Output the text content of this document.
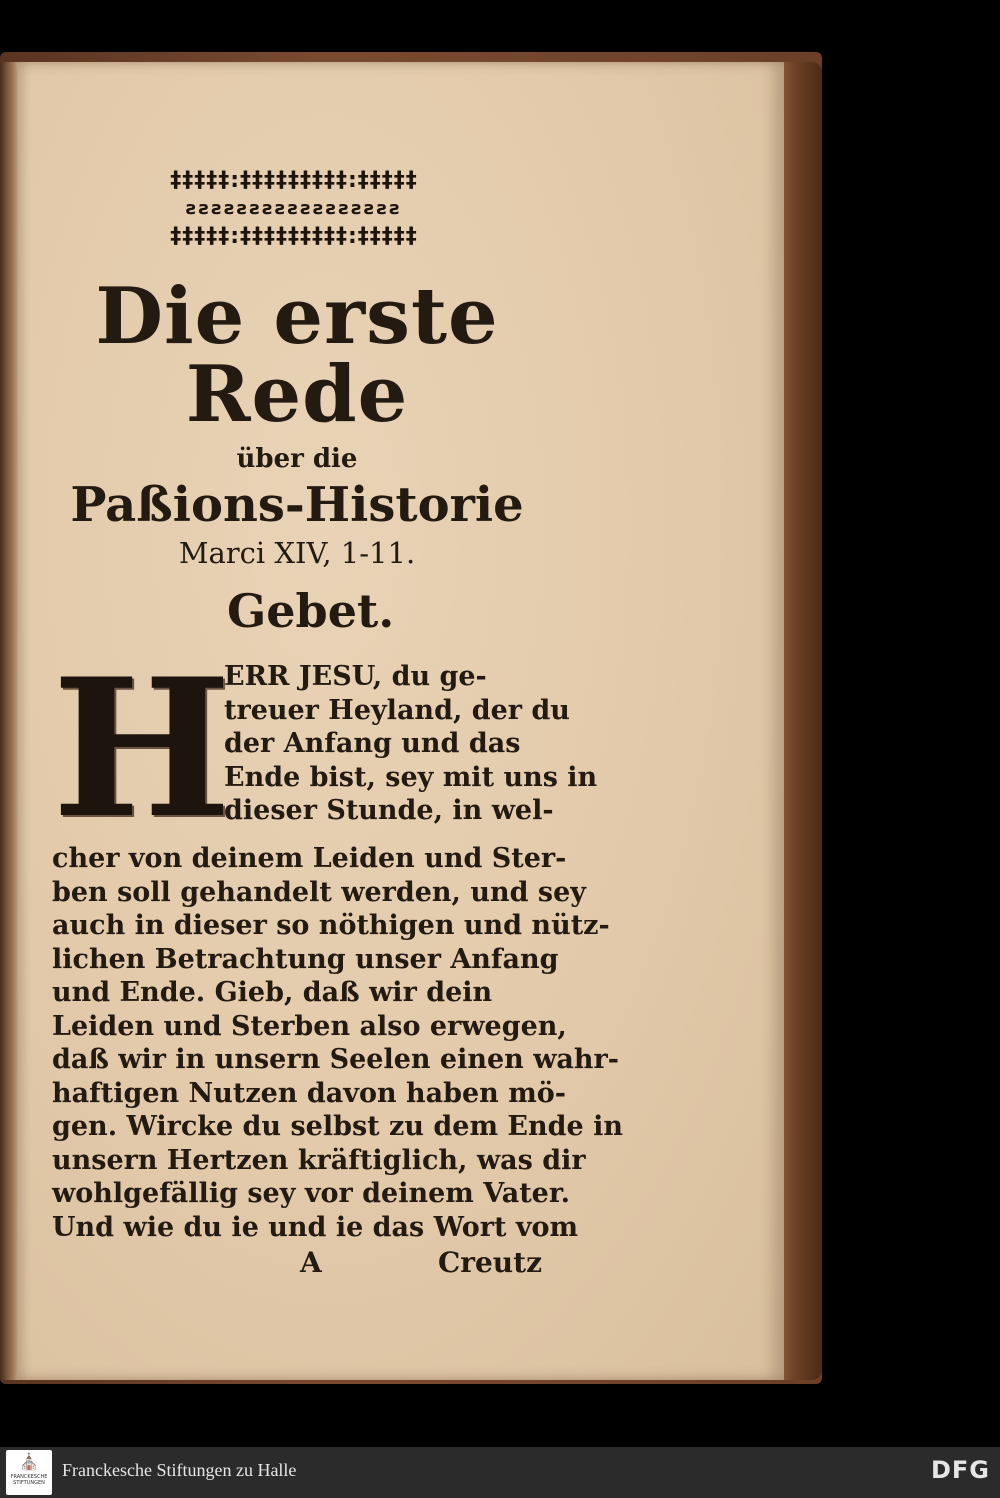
‡‡‡‡‡:‡‡‡‡‡‡‡‡‡:‡‡‡‡‡
ꙅꙅꙅꙅꙅꙅꙅꙅꙅꙅꙅꙅꙅꙅꙅꙅꙅ
‡‡‡‡‡:‡‡‡‡‡‡‡‡‡:‡‡‡‡‡
Die erste Rede
über die
Paßions-Historie
Marci XIV, 1-11.
Gebet.
H
ERR JESU, du ge-
treuer Heyland, der du
der Anfang und das
Ende bist, sey mit uns in
dieser Stunde, in wel-
cher von deinem Leiden und Ster-
ben soll gehandelt werden, und sey
auch in dieser so nöthigen und nütz-
lichen Betrachtung unser Anfang
und Ende. Gieb, daß wir dein
Leiden und Sterben also erwegen,
daß wir in unsern Seelen einen wahr-
haftigen Nutzen davon haben mö-
gen. Wircke du selbst zu dem Ende in
unsern Hertzen kräftiglich, was dir
wohlgefällig sey vor deinem Vater.
Und wie du ie und ie das Wort vom
A	Creutz
⛪
FRANCKESCHE STIFTUNGEN
Franckesche Stiftungen zu Halle	DFG
